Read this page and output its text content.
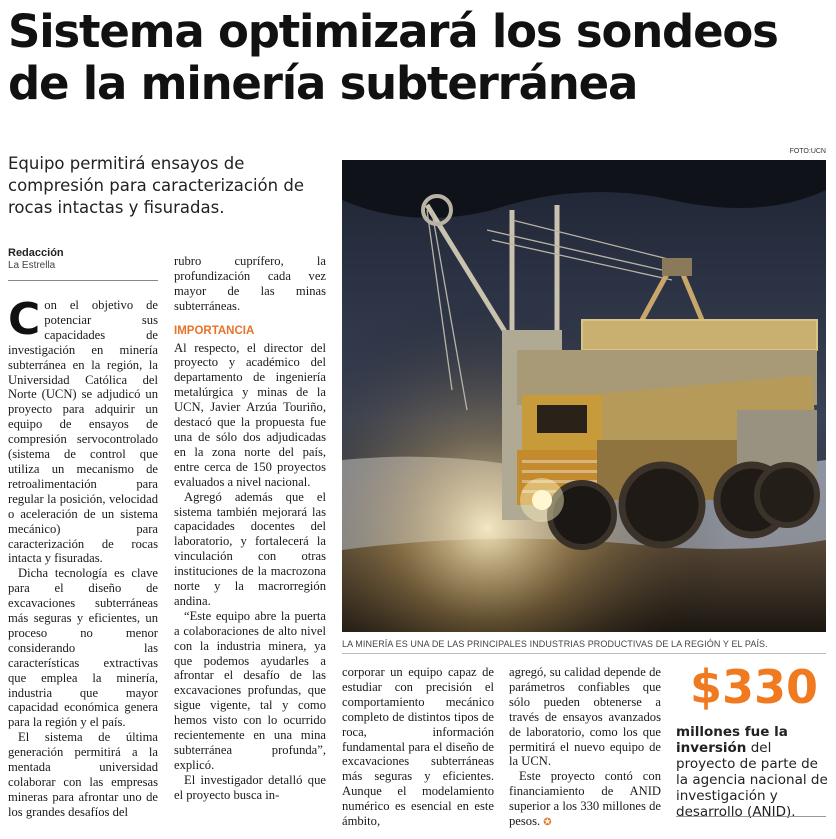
Sistema optimizará los sondeos
de la minería subterránea
FOTO:UCN
Equipo permitirá ensayos de compresión para caracterización de rocas intactas y fisuradas.
Redacción
La Estrella

Con el objetivo de potenciar sus capacidades de investigación en minería subterránea en la región, la Universidad Católica del Norte (UCN) se adjudicó un proyecto para adquirir un equipo de ensayos de compresión servocontrolado (sistema de control que utiliza un mecanismo de retroalimentación para regular la posición, velocidad o aceleración de un sistema mecánico) para caracterización de rocas intacta y fisuradas.

Dicha tecnología es clave para el diseño de excavaciones subterráneas más seguras y eficientes, un proceso no menor considerando las características extractivas que emplea la minería, industria que mayor capacidad económica genera para la región y el país.

El sistema de última generación permitirá a la mentada universidad colaborar con las empresas mineras para afrontar uno de los grandes desafíos del

rubro cuprífero, la profundización cada vez mayor de las minas subterráneas.

IMPORTANCIA

Al respecto, el director del proyecto y académico del departamento de ingeniería metalúrgica y minas de la UCN, Javier Arzúa Touriño, destacó que la propuesta fue una de sólo dos adjudicadas en la zona norte del país, entre cerca de 150 proyectos evaluados a nivel nacional.

Agregó además que el sistema también mejorará las capacidades docentes del laboratorio, y fortalecerá la vinculación con otras instituciones de la macrozona norte y la macrorregión andina.

“Este equipo abre la puerta a colaboraciones de alto nivel con la industria minera, ya que podemos ayudarles a afrontar el desafío de las excavaciones profundas, que sigue vigente, tal y como hemos visto con lo ocurrido recientemente en una mina subterránea profunda”, explicó.

El investigador detalló que el proyecto busca in-

LA MINERÍA ES UNA DE LAS PRINCIPALES INDUSTRIAS PRODUCTIVAS DE LA REGIÓN Y EL PAÍS.

corporar un equipo capaz de estudiar con precisión el comportamiento mecánico completo de distintos tipos de roca, información fundamental para el diseño de excavaciones subterráneas más seguras y eficientes. Aunque el modelamiento numérico es esencial en este ámbito,

agregó, su calidad depende de parámetros confiables que sólo pueden obtenerse a través de ensayos avanzados de laboratorio, como los que permitirá el nuevo equipo de la UCN.

Este proyecto contó con financiamiento de ANID superior a los 330 millones de pesos. ✪

$330
millones fue la inversión del proyecto de parte de la agencia nacional de investigación y desarrollo (ANID).
